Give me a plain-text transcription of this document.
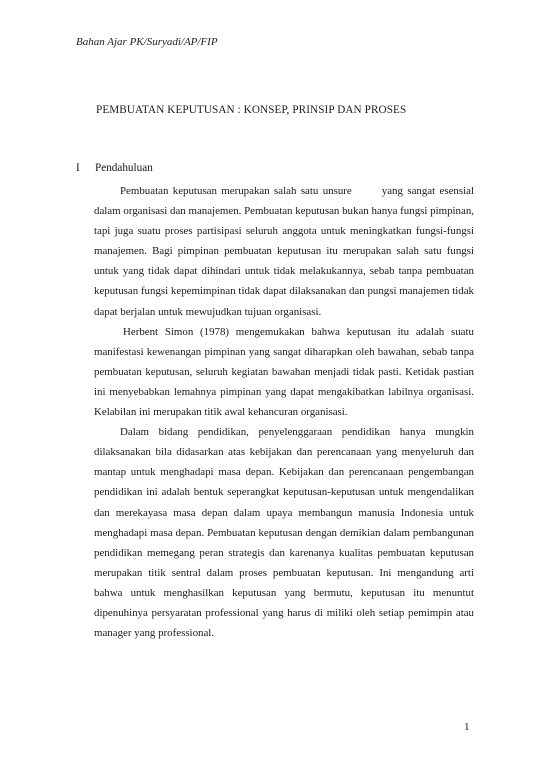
Bahan Ajar PK/Suryadi/AP/FIP
PEMBUATAN KEPUTUSAN : KONSEP, PRINSIP DAN PROSES
I Pendahuluan

Pembuatan keputusan merupakan salah satu unsure	yang sangat esensial dalam organisasi dan manajemen. Pembuatan keputusan bukan hanya fungsi pimpinan, tapi juga suatu proses partisipasi seluruh anggota untuk meningkatkan fungsi-fungsi manajemen. Bagi pimpinan pembuatan keputusan itu merupakan salah satu fungsi untuk yang tidak dapat dihindari untuk tidak melakukannya, sebab tanpa pembuatan keputusan fungsi kepemimpinan tidak dapat dilaksanakan dan pungsi manajemen tidak dapat berjalan untuk mewujudkan tujuan organisasi.

Herbent Simon (1978) mengemukakan bahwa keputusan itu adalah suatu manifestasi kewenangan pimpinan yang sangat diharapkan oleh bawahan, sebab tanpa pembuatan keputusan, seluruh kegiatan bawahan menjadi tidak pasti. Ketidak pastian ini menyebabkan lemahnya pimpinan yang dapat mengakibatkan labilnya organisasi. Kelabilan ini merupakan titik awal kehancuran organisasi.

Dalam bidang pendidikan, penyelenggaraan pendidikan hanya mungkin dilaksanakan bila didasarkan atas kebijakan dan perencanaan yang menyeluruh dan mantap untuk menghadapi masa depan. Kebijakan dan perencanaan pengembangan pendidikan ini adalah bentuk seperangkat keputusan-keputusan untuk mengendalikan dan merekayasa masa depan dalam upaya membangun manusia Indonesia untuk menghadapi masa depan. Pembuatan keputusan dengan demikian dalam pembangunan pendidikan memegang peran strategis dan karenanya kualitas pembuatan keputusan merupakan titik sentral dalam proses pembuatan keputusan. Ini mengandung arti bahwa untuk menghasilkan keputusan yang bermutu, keputusan itu menuntut dipenuhinya persyaratan professional yang harus di miliki oleh setiap pemimpin atau manager yang professional.

1
